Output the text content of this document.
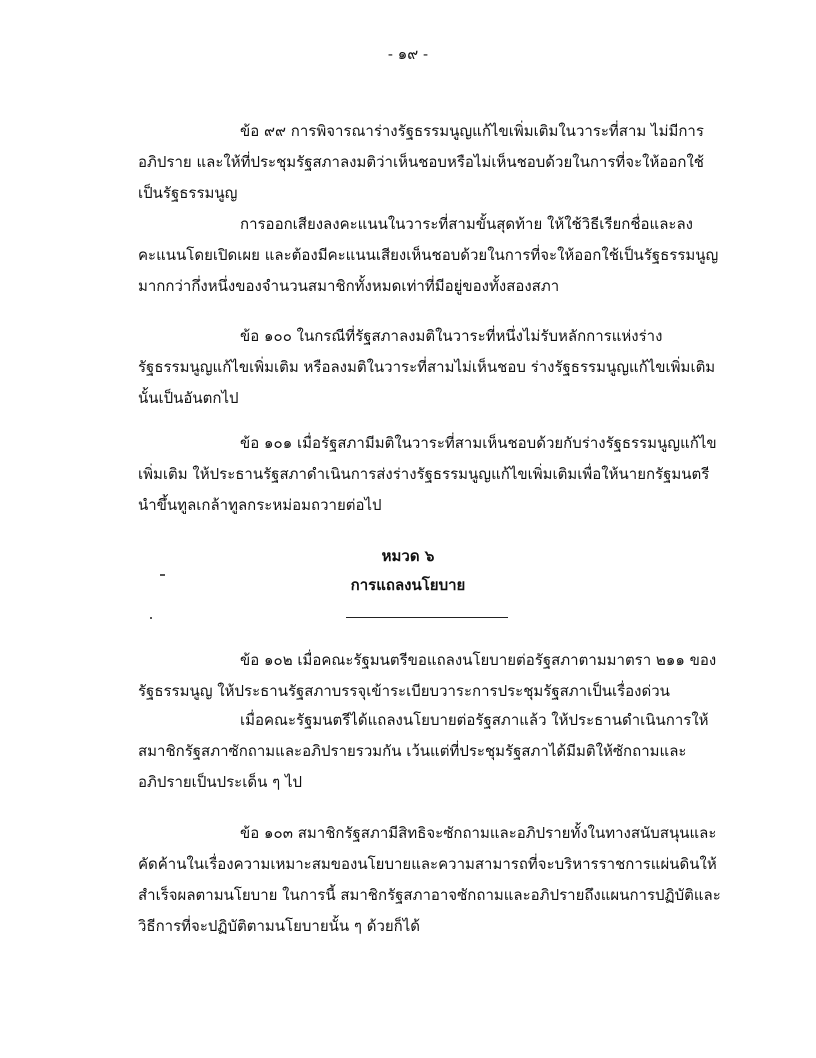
- ๑๙ -
ข้อ ๙๙ การพิจารณาร่างรัฐธรรมนูญแก้ไขเพิ่มเติมในวาระที่สาม ไม่มีการอภิปราย และให้ที่ประชุมรัฐสภาลงมติว่าเห็นชอบหรือไม่เห็นชอบด้วยในการที่จะให้ออกใช้เป็นรัฐธรรมนูญ
การออกเสียงลงคะแนนในวาระที่สามขั้นสุดท้าย ให้ใช้วิธีเรียกชื่อและลงคะแนนโดยเปิดเผย และต้องมีคะแนนเสียงเห็นชอบด้วยในการที่จะให้ออกใช้เป็นรัฐธรรมนูญมากกว่ากึ่งหนึ่งของจำนวนสมาชิกทั้งหมดเท่าที่มีอยู่ของทั้งสองสภา
ข้อ ๑๐๐ ในกรณีที่รัฐสภาลงมติในวาระที่หนึ่งไม่รับหลักการแห่งร่างรัฐธรรมนูญแก้ไขเพิ่มเติม หรือลงมติในวาระที่สามไม่เห็นชอบ ร่างรัฐธรรมนูญแก้ไขเพิ่มเติมนั้นเป็นอันตกไป
ข้อ ๑๐๑ เมื่อรัฐสภามีมติในวาระที่สามเห็นชอบด้วยกับร่างรัฐธรรมนูญแก้ไขเพิ่มเติม ให้ประธานรัฐสภาดำเนินการส่งร่างรัฐธรรมนูญแก้ไขเพิ่มเติมเพื่อให้นายกรัฐมนตรีนำขึ้นทูลเกล้าทูลกระหม่อมถวายต่อไป
หมวด ๖
การแถลงนโยบาย
ข้อ ๑๐๒ เมื่อคณะรัฐมนตรีขอแถลงนโยบายต่อรัฐสภาตามมาตรา ๒๑๑ ของรัฐธรรมนูญ ให้ประธานรัฐสภาบรรจุเข้าระเบียบวาระการประชุมรัฐสภาเป็นเรื่องด่วน
เมื่อคณะรัฐมนตรีได้แถลงนโยบายต่อรัฐสภาแล้ว ให้ประธานดำเนินการให้สมาชิกรัฐสภาซักถามและอภิปรายรวมกัน เว้นแต่ที่ประชุมรัฐสภาได้มีมติให้ซักถามและอภิปรายเป็นประเด็น ๆ ไป
ข้อ ๑๐๓ สมาชิกรัฐสภามีสิทธิจะซักถามและอภิปรายทั้งในทางสนับสนุนและคัดค้านในเรื่องความเหมาะสมของนโยบายและความสามารถที่จะบริหารราชการแผ่นดินให้สำเร็จผลตามนโยบาย ในการนี้ สมาชิกรัฐสภาอาจซักถามและอภิปรายถึงแผนการปฏิบัติและวิธีการที่จะปฏิบัติตามนโยบายนั้น ๆ ด้วยก็ได้
